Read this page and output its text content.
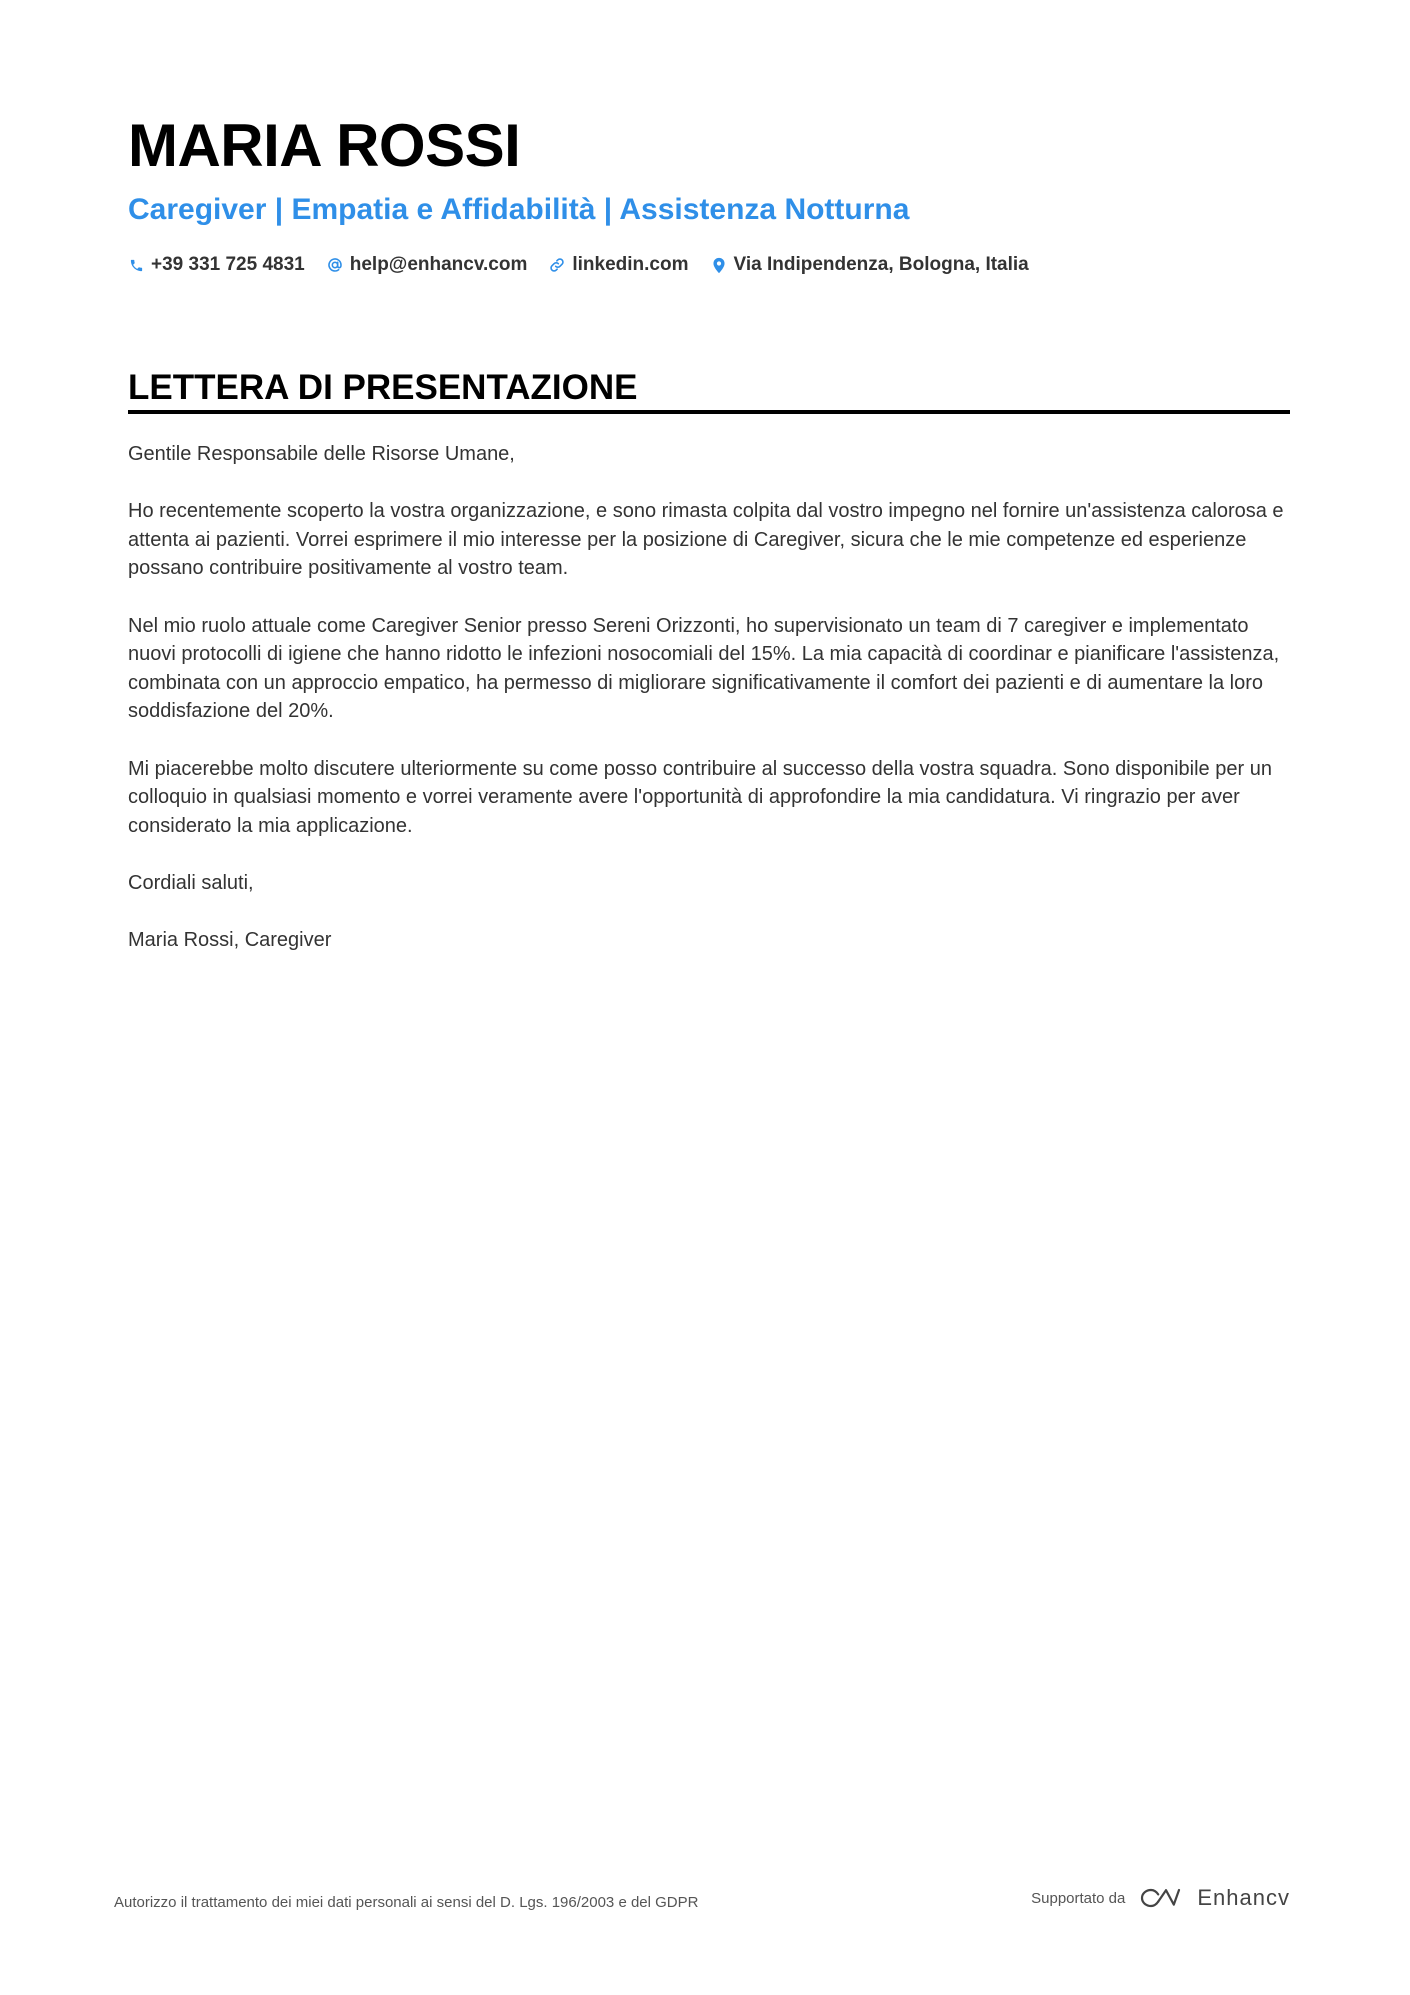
MARIA ROSSI
Caregiver | Empatia e Affidabilità | Assistenza Notturna
+39 331 725 4831 help@enhancv.com linkedin.com Via Indipendenza, Bologna, Italia
LETTERA DI PRESENTAZIONE

Gentile Responsabile delle Risorse Umane,

Ho recentemente scoperto la vostra organizzazione, e sono rimasta colpita dal vostro impegno nel fornire un'assistenza calorosa e attenta ai pazienti. Vorrei esprimere il mio interesse per la posizione di Caregiver, sicura che le mie competenze ed esperienze possano contribuire positivamente al vostro team.

Nel mio ruolo attuale come Caregiver Senior presso Sereni Orizzonti, ho supervisionato un team di 7 caregiver e implementato nuovi protocolli di igiene che hanno ridotto le infezioni nosocomiali del 15%. La mia capacità di coordinar e pianificare l'assistenza, combinata con un approccio empatico, ha permesso di migliorare significativamente il comfort dei pazienti e di aumentare la loro soddisfazione del 20%.

Mi piacerebbe molto discutere ulteriormente su come posso contribuire al successo della vostra squadra. Sono disponibile per un colloquio in qualsiasi momento e vorrei veramente avere l'opportunità di approfondire la mia candidatura. Vi ringrazio per aver considerato la mia applicazione.

Cordiali saluti,

Maria Rossi, Caregiver

Autorizzo il trattamento dei miei dati personali ai sensi del D. Lgs. 196/2003 e del GDPR	Supportato da	Enhancv
